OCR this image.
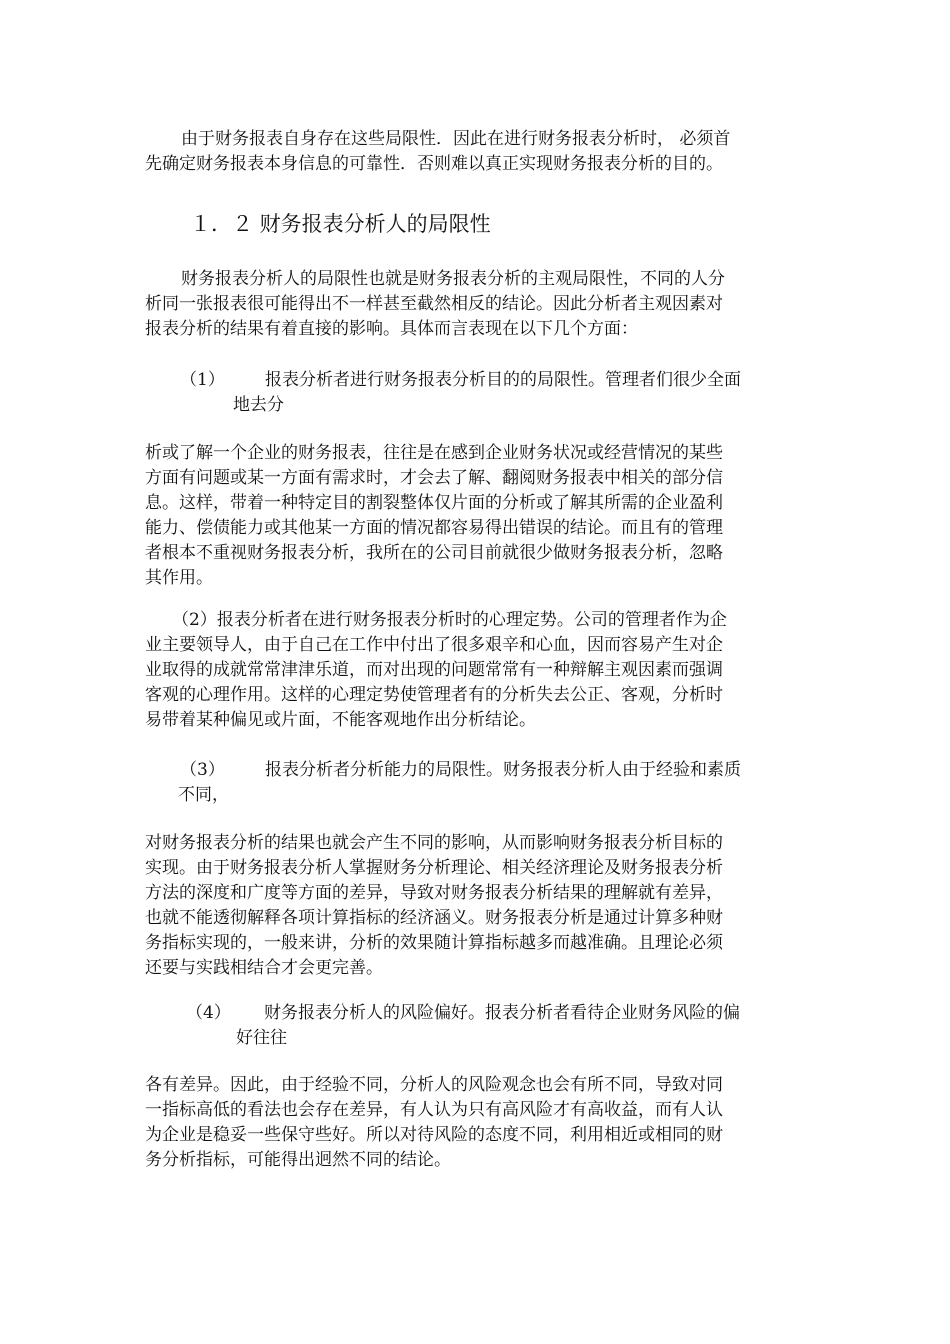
由于财务报表自身存在这些局限性．因此在进行财务报表分析时， 必须首
先确定财务报表本身信息的可靠性．否则难以真正实现财务报表分析的目的。
１．２ 财务报表分析人的局限性
财务报表分析人的局限性也就是财务报表分析的主观局限性，不同的人分
析同一张报表很可能得出不一样甚至截然相反的结论。因此分析者主观因素对
报表分析的结果有着直接的影响。具体而言表现在以下几个方面：
（1） 报表分析者进行财务报表分析目的的局限性。管理者们很少全面
地去分
析或了解一个企业的财务报表，往往是在感到企业财务状况或经营情况的某些
方面有问题或某一方面有需求时，才会去了解、翻阅财务报表中相关的部分信
息。这样，带着一种特定目的割裂整体仅片面的分析或了解其所需的企业盈利
能力、偿债能力或其他某一方面的情况都容易得出错误的结论。而且有的管理
者根本不重视财务报表分析，我所在的公司目前就很少做财务报表分析，忽略
其作用。
（2）报表分析者在进行财务报表分析时的心理定势。公司的管理者作为企
业主要领导人，由于自己在工作中付出了很多艰辛和心血，因而容易产生对企
业取得的成就常常津津乐道，而对出现的问题常常有一种辩解主观因素而强调
客观的心理作用。这样的心理定势使管理者有的分析失去公正、客观，分析时
易带着某种偏见或片面，不能客观地作出分析结论。
（3） 报表分析者分析能力的局限性。财务报表分析人由于经验和素质
不同，
对财务报表分析的结果也就会产生不同的影响，从而影响财务报表分析目标的
实现。由于财务报表分析人掌握财务分析理论、相关经济理论及财务报表分析
方法的深度和广度等方面的差异，导致对财务报表分析结果的理解就有差异，
也就不能透彻解释各项计算指标的经济涵义。财务报表分析是通过计算多种财
务指标实现的，一般来讲，分析的效果随计算指标越多而越准确。且理论必须
还要与实践相结合才会更完善。
（4） 财务报表分析人的风险偏好。报表分析者看待企业财务风险的偏
好往往
各有差异。因此，由于经验不同，分析人的风险观念也会有所不同，导致对同
一指标高低的看法也会存在差异，有人认为只有高风险才有高收益，而有人认
为企业是稳妥一些保守些好。所以对待风险的态度不同，利用相近或相同的财
务分析指标，可能得出迥然不同的结论。
